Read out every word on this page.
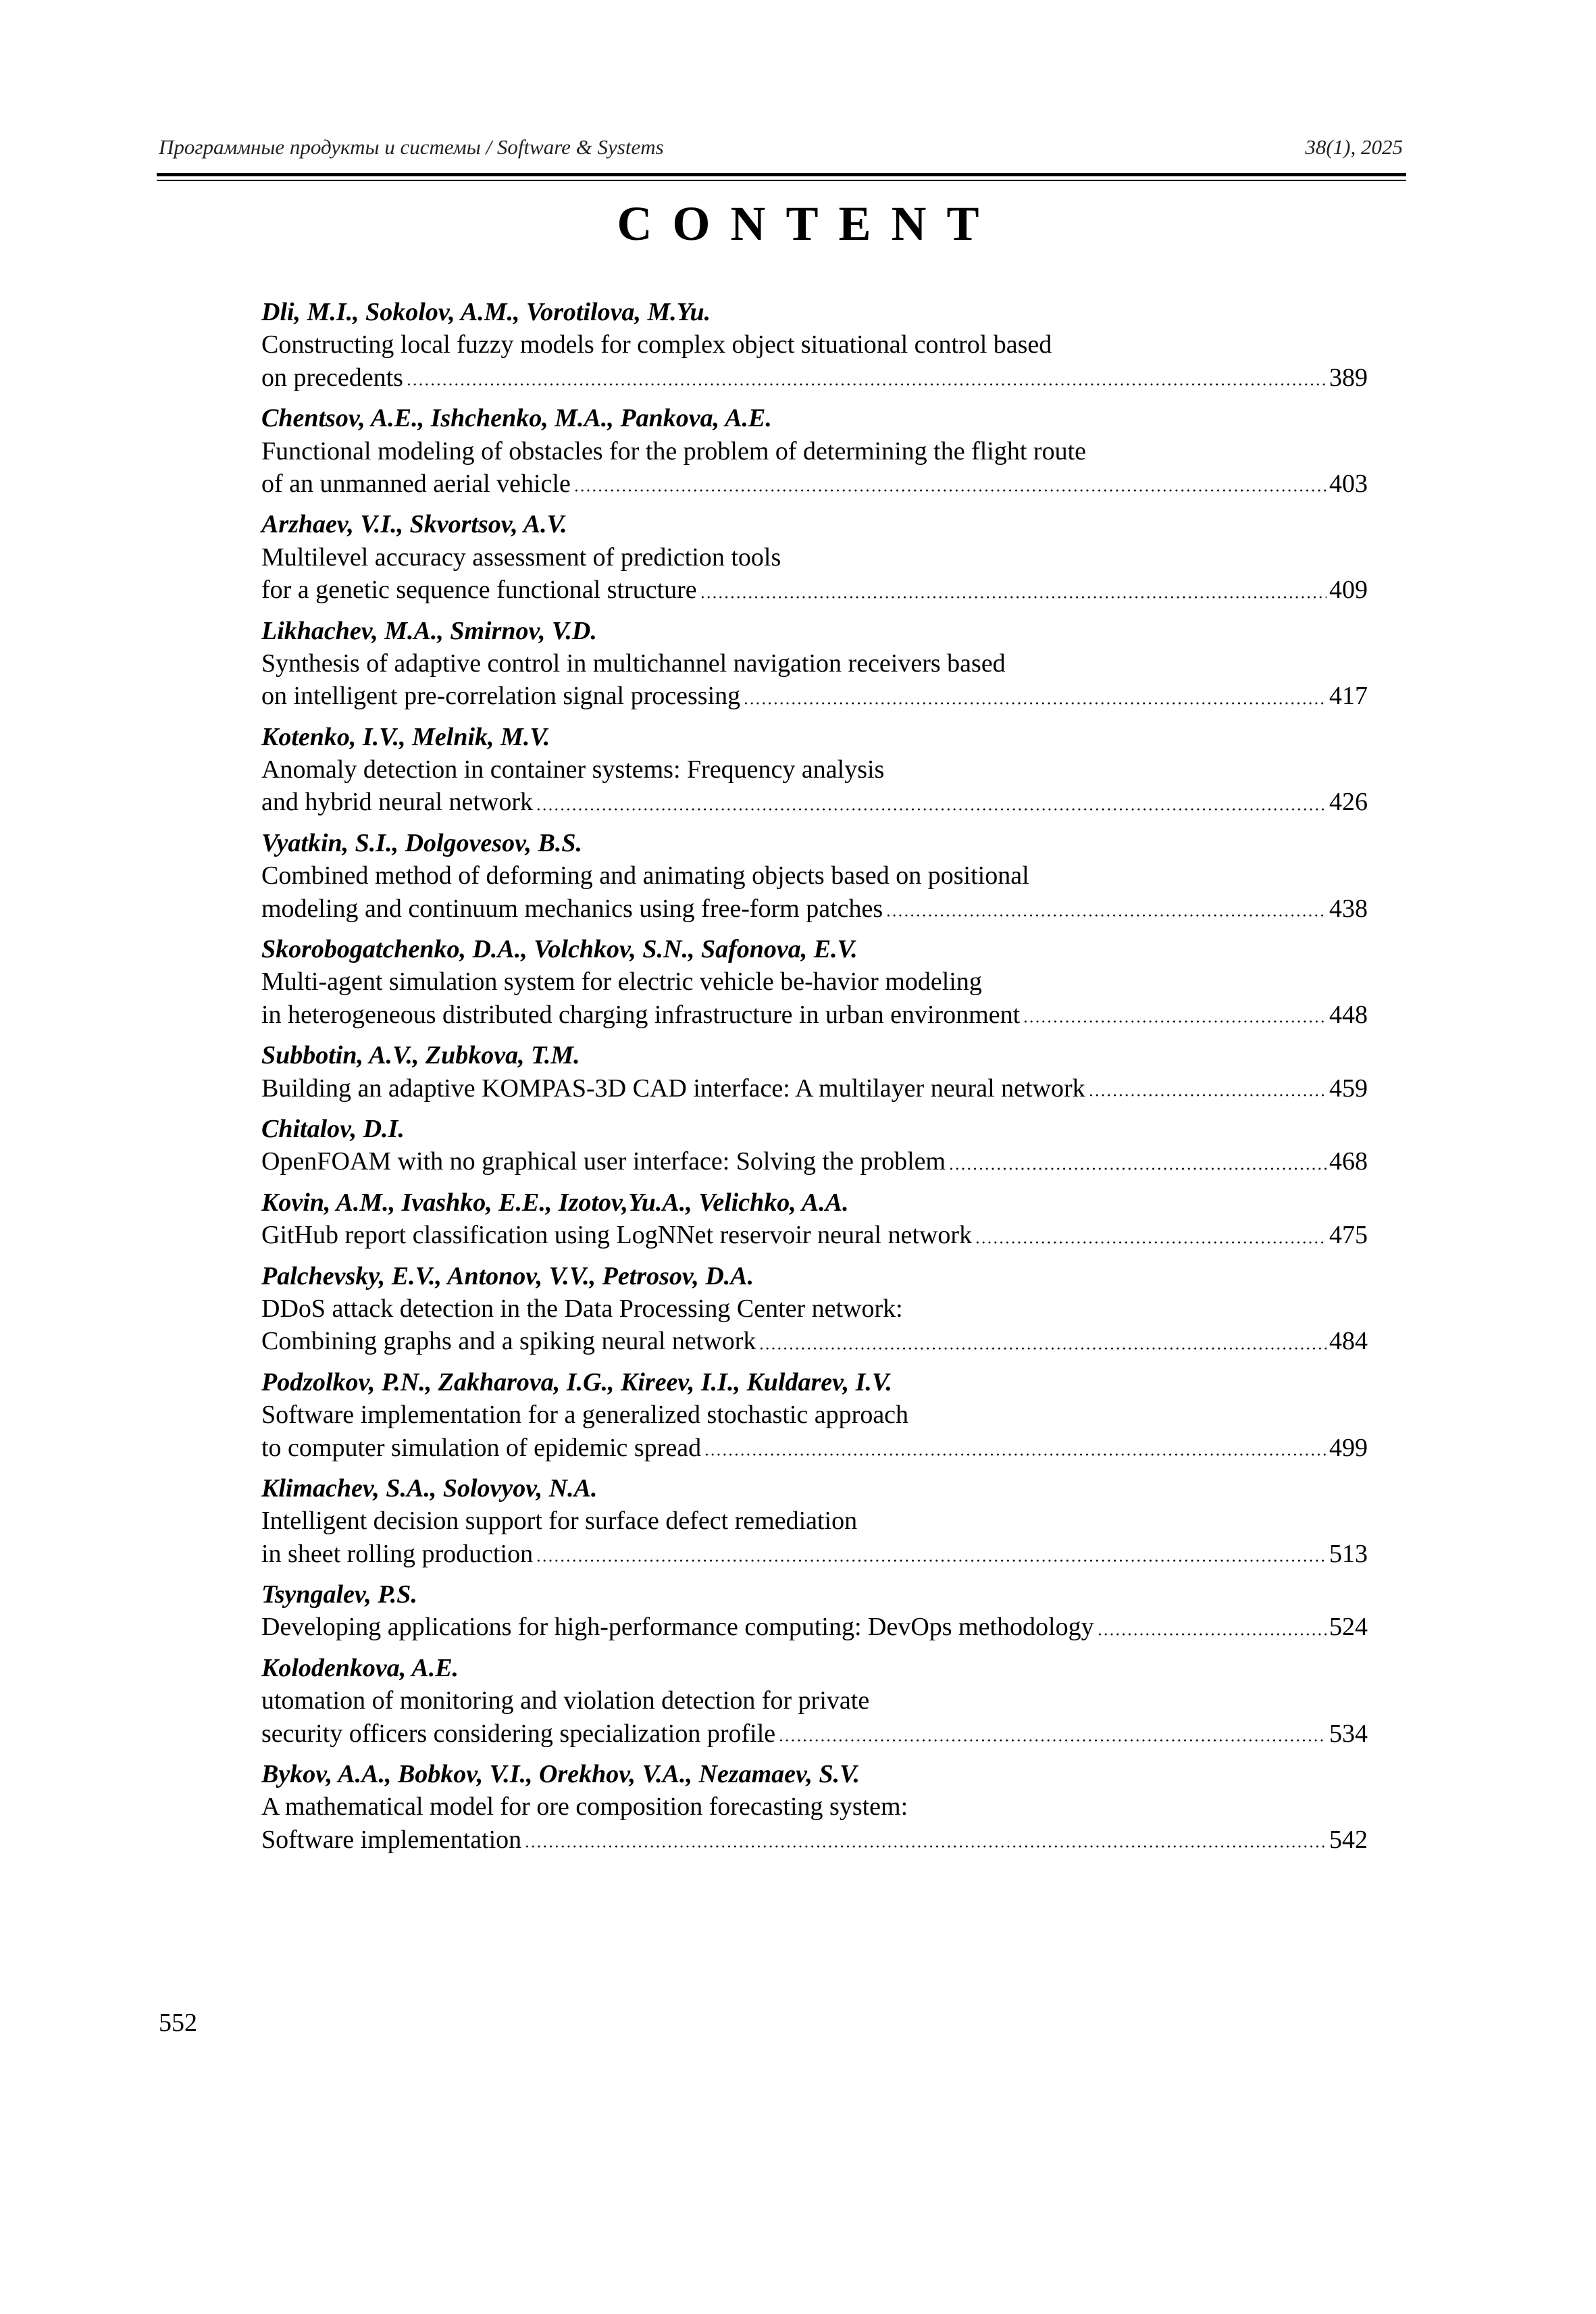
Программные продукты и системы / Software & Systems	38(1), 2025
CONTENT
Dli, M.I., Sokolov, A.M., Vorotilova, M.Yu.
Constructing local fuzzy models for complex object situational control based
on precedents	389
Chentsov, A.E., Ishchenko, M.A., Pankova, A.E.
Functional modeling of obstacles for the problem of determining the flight route
of an unmanned aerial vehicle	403
Arzhaev, V.I., Skvortsov, A.V.
Multilevel accuracy assessment of prediction tools
for a genetic sequence functional structure	409
Likhachev, M.A., Smirnov, V.D.
Synthesis of adaptive control in multichannel navigation receivers based
on intelligent pre-correlation signal processing	417
Kotenko, I.V., Melnik, M.V.
Anomaly detection in container systems: Frequency analysis
and hybrid neural network	426
Vyatkin, S.I., Dolgovesov, B.S.
Combined method of deforming and animating objects based on positional
modeling and continuum mechanics using free-form patches	438
Skorobogatchenko, D.A., Volchkov, S.N., Safonova, E.V.
Multi-agent simulation system for electric vehicle be-havior modeling
in heterogeneous distributed charging infrastructure in urban environment	448
Subbotin, A.V., Zubkova, T.M.
Building an adaptive KOMPAS-3D CAD interface: A multilayer neural network	459
Chitalov, D.I.
OpenFOAM with no graphical user interface: Solving the problem	468
Kovin, A.M., Ivashko, E.E., Izotov,Yu.A., Velichko, A.A.
GitHub report classification using LogNNet reservoir neural network	475
Palchevsky, E.V., Antonov, V.V., Petrosov, D.A.
DDoS attack detection in the Data Processing Center network:
Combining graphs and a spiking neural network	484
Podzolkov, P.N., Zakharova, I.G., Kireev, I.I., Kuldarev, I.V.
Software implementation for a generalized stochastic approach
to computer simulation of epidemic spread	499
Klimachev, S.A., Solovyov, N.A.
Intelligent decision support for surface defect remediation
in sheet rolling production	513
Tsyngalev, P.S.
Developing applications for high-performance computing: DevOps methodology	524
Kolodenkova, A.E.
utomation of monitoring and violation detection for private
security officers considering specialization profile	534
Bykov, A.A., Bobkov, V.I., Orekhov, V.A., Nezamaev, S.V.
A mathematical model for ore composition forecasting system:
Software implementation	542
552
